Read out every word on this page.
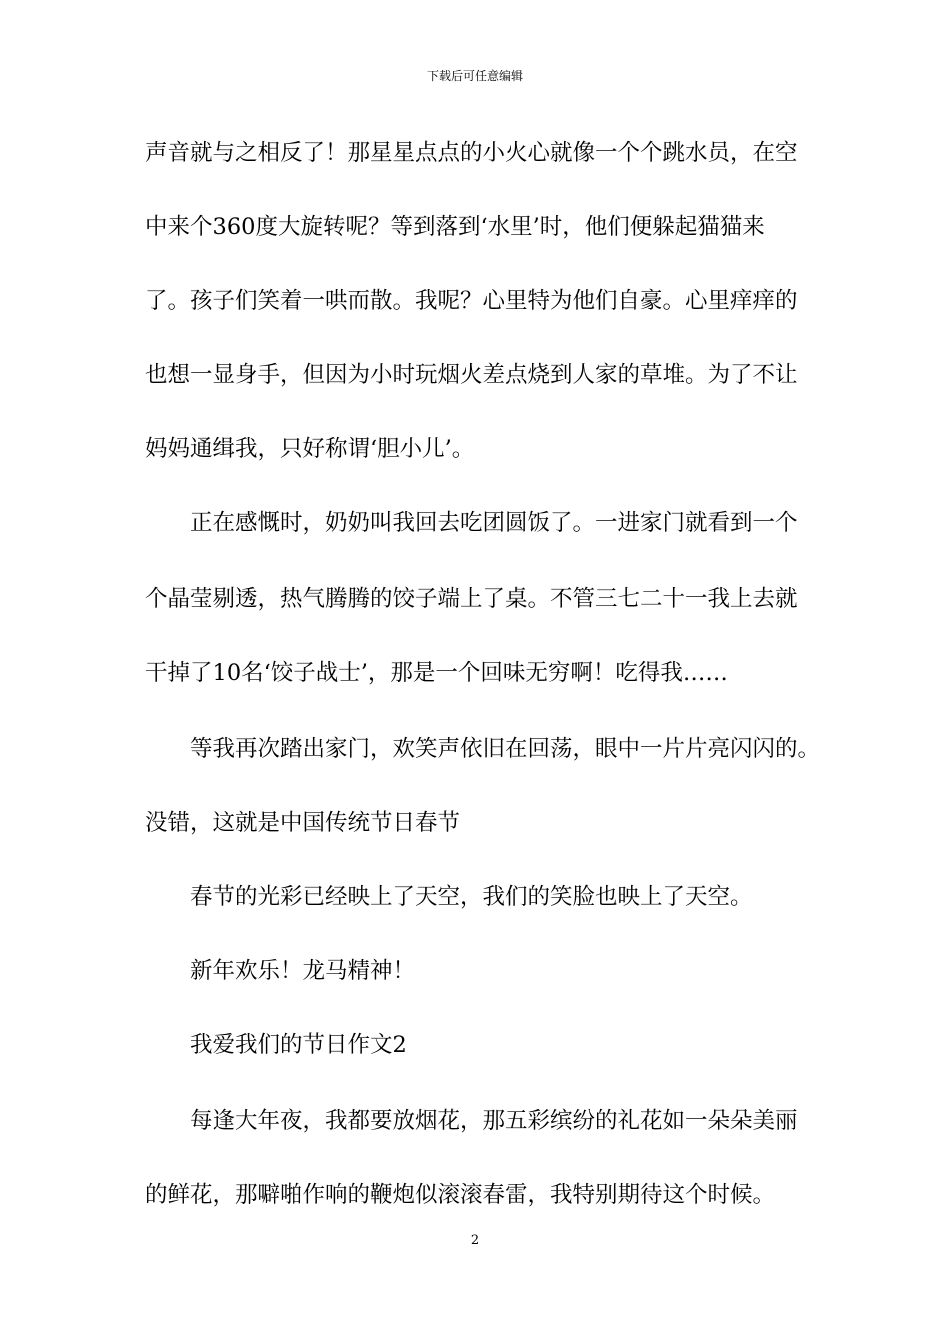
下载后可任意编辑
声音就与之相反了！那星星点点的小火心就像一个个跳水员，在空
中来个360度大旋转呢？等到落到‘水里’时，他们便躲起猫猫来
了。孩子们笑着一哄而散。我呢？心里特为他们自豪。心里痒痒的
也想一显身手，但因为小时玩烟火差点烧到人家的草堆。为了不让
妈妈通缉我，只好称谓‘胆小儿’。
正在感慨时，奶奶叫我回去吃团圆饭了。一进家门就看到一个
个晶莹剔透，热气腾腾的饺子端上了桌。不管三七二十一我上去就
干掉了10名‘饺子战士’，那是一个回味无穷啊！吃得我……
等我再次踏出家门，欢笑声依旧在回荡，眼中一片片亮闪闪的。
没错，这就是中国传统节日春节
春节的光彩已经映上了天空，我们的笑脸也映上了天空。
新年欢乐！龙马精神！
我爱我们的节日作文2
每逢大年夜，我都要放烟花，那五彩缤纷的礼花如一朵朵美丽
的鲜花，那噼啪作响的鞭炮似滚滚春雷，我特别期待这个时候。
2
